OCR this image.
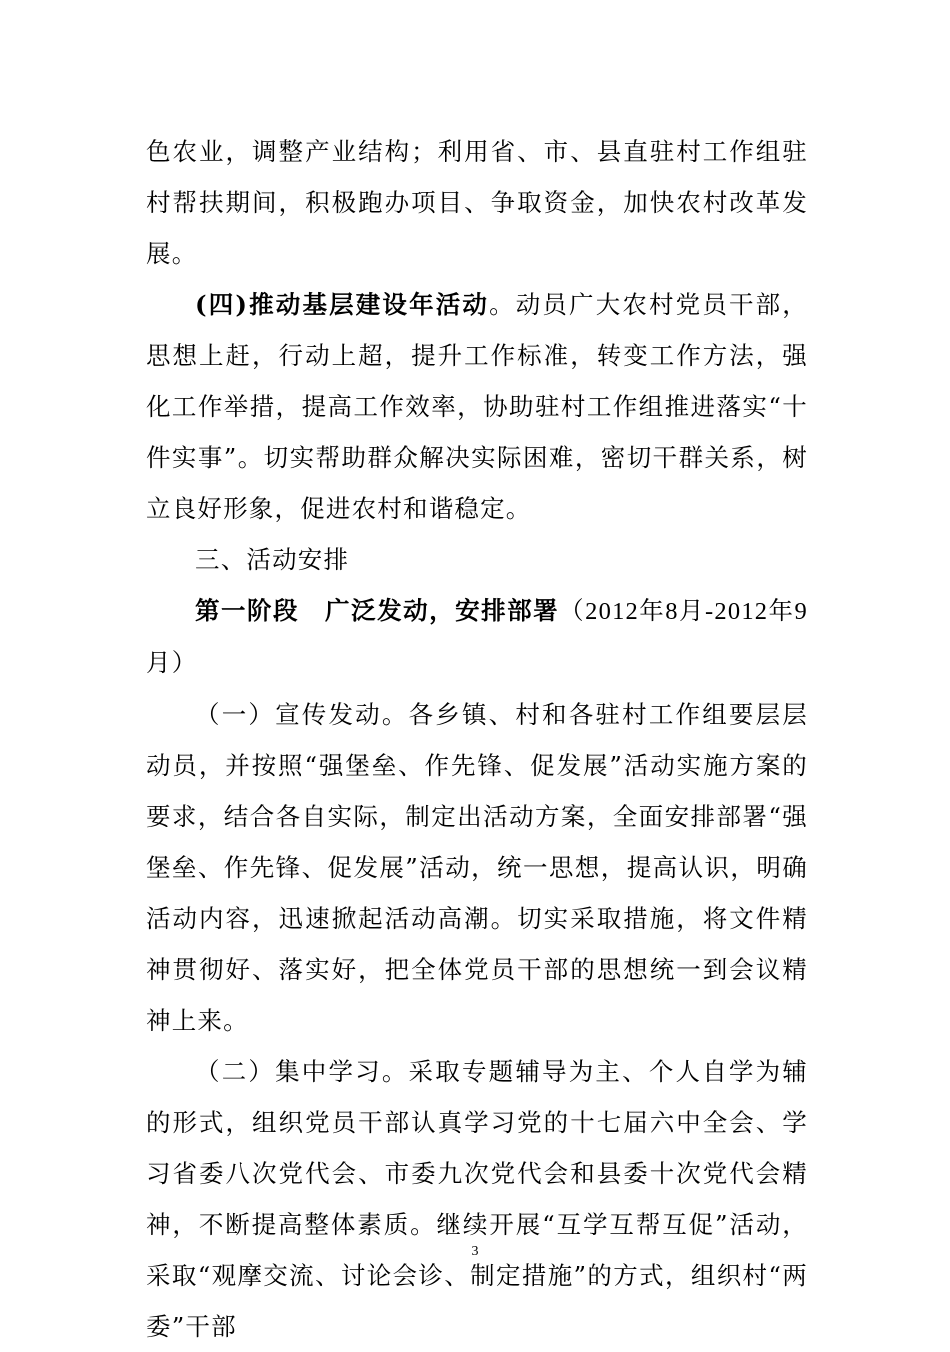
色农业，调整产业结构；利用省、市、县直驻村工作组驻村帮扶期间，积极跑办项目、争取资金，加快农村改革发展。

(四)推动基层建设年活动。动员广大农村党员干部，思想上赶，行动上超，提升工作标准，转变工作方法，强化工作举措，提高工作效率，协助驻村工作组推进落实“十件实事”。切实帮助群众解决实际困难，密切干群关系，树立良好形象，促进农村和谐稳定。

三、活动安排

第一阶段　广泛发动，安排部署（2012年8月-2012年9月）

（一）宣传发动。各乡镇、村和各驻村工作组要层层动员，并按照“强堡垒、作先锋、促发展”活动实施方案的要求，结合各自实际，制定出活动方案，全面安排部署“强堡垒、作先锋、促发展”活动，统一思想，提高认识，明确活动内容，迅速掀起活动高潮。切实采取措施，将文件精神贯彻好、落实好，把全体党员干部的思想统一到会议精神上来。

（二）集中学习。采取专题辅导为主、个人自学为辅的形式，组织党员干部认真学习党的十七届六中全会、学习省委八次党代会、市委九次党代会和县委十次党代会精神，不断提高整体素质。继续开展“互学互帮互促”活动，采取“观摩交流、讨论会诊、制定措施”的方式，组织村“两委”干部

3
